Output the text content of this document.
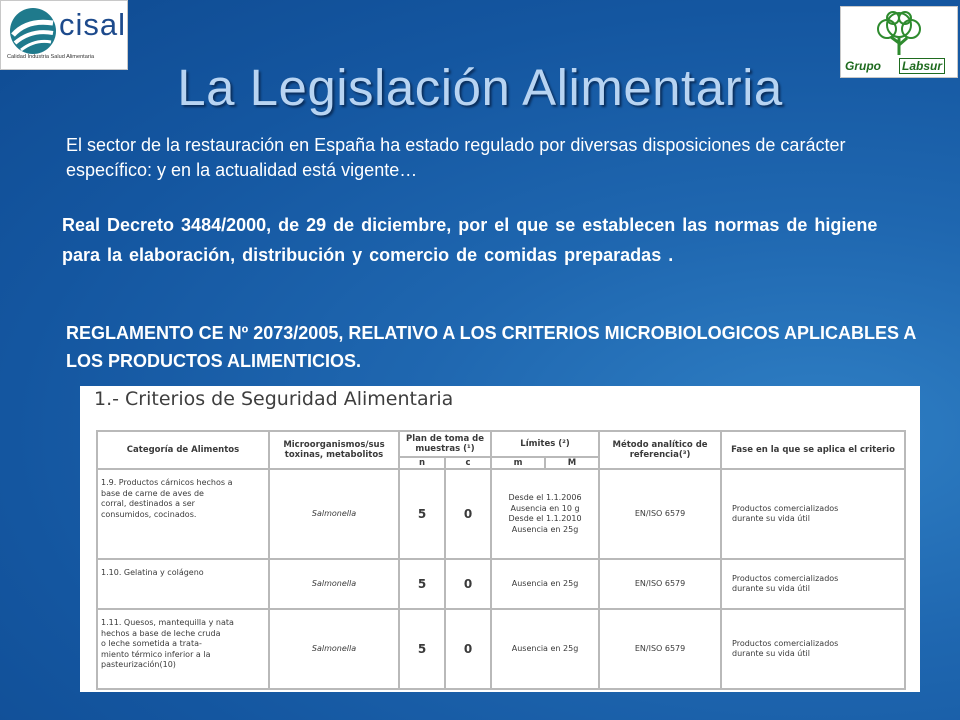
cisal
Calidad Industria Salud Alimentaria
Grupo Labsur
La Legislación Alimentaria
El sector de la restauración en España ha estado regulado por diversas disposiciones de carácter específico: y en la actualidad está vigente…
Real Decreto 3484/2000, de 29 de diciembre, por el que se establecen las normas de higiene para la elaboración, distribución y comercio de comidas preparadas .
REGLAMENTO CE Nº 2073/2005, RELATIVO A LOS CRITERIOS MICROBIOLOGICOS APLICABLES A LOS PRODUCTOS ALIMENTICIOS.
1.- Criterios de Seguridad Alimentaria
Categoría de Alimentos	Microorganismos/sus toxinas, metabolitos	Plan de toma de muestras (¹)		Límites (²)		Método analítico de referencia(³)	Fase en la que se aplica el criterio
		n	c	m	M		
1.9. Productos cárnicos hechos a
base de carne de aves de
corral, destinados a ser
consumidos, cocinados.	Salmonella	5	0	Desde el 1.1.2006
Ausencia en 10 g
Desde el 1.1.2010
Ausencia en 25g		EN/ISO 6579	Productos comercializados
durante su vida útil
1.10. Gelatina y colágeno	Salmonella	5	0	Ausencia en 25g		EN/ISO 6579	Productos comercializados
durante su vida útil
1.11. Quesos, mantequilla y nata
hechos a base de leche cruda
o leche sometida a trata-
miento térmico inferior a la
pasteurización(10)	Salmonella	5	0	Ausencia en 25g		EN/ISO 6579	Productos comercializados
durante su vida útil
